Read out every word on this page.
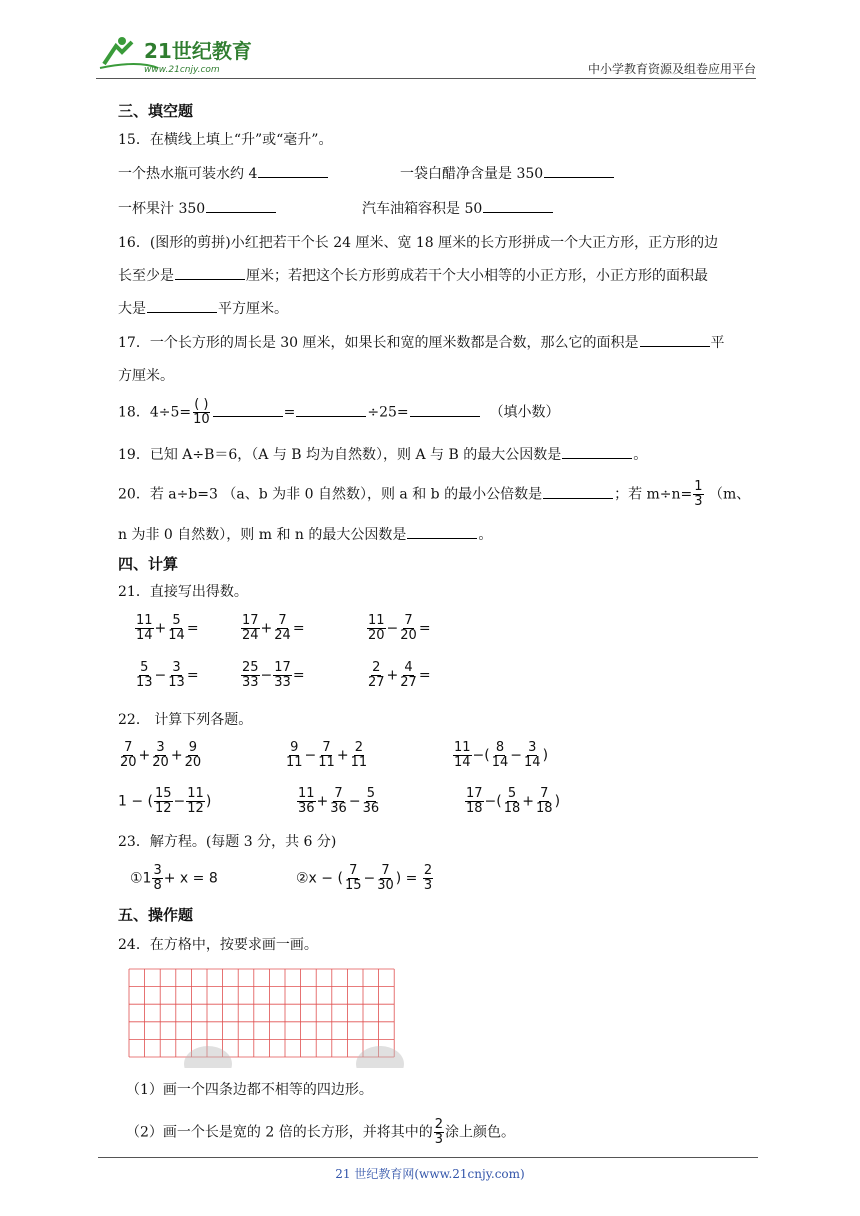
21世纪教育
www.21cnjy.com	中小学教育资源及组卷应用平台
三、填空题
15．在横线上填上“升”或“毫升”。
一个热水瓶可装水约 4	一袋白醋净含量是 350
一杯果汁 350	汽车油箱容积是 50
16．(图形的剪拼)小红把若干个长 24 厘米、宽 18 厘米的长方形拼成一个大正方形，正方形的边
长至少是	厘米；若把这个长方形剪成若干个大小相等的小正方形，小正方形的面积最
大是	平方厘米。
17．一个长方形的周长是 30 厘米，如果长和宽的厘米数都是合数，那么它的面积是	平
方厘米。
18．$4\div 5= \frac{( )}{10}$	=	÷25=	（填小数）
19．已知 A÷B＝6，（A 与 B 均为自然数），则 A 与 B 的最大公因数是	。
20．若 a÷b=3 （a、b 为非 0 自然数），则 a 和 b 的最小公倍数是	；若 $m\div n= \frac{1}{3} (m$、
n 为非 0 自然数），则 m 和 n 的最大公因数是	。
四、计算
21．直接写出得数。
$\frac{11}{14} + \frac{5}{14}$ =	$\frac{17}{24} + \frac{7}{24}$ =	$\frac{11}{20} - \frac{7}{20}$ =
$\frac{5}{13} - \frac{3}{13}$ =	$\frac{25}{33} - \frac{17}{33}$ =	$\frac{2}{27} + \frac{4}{27}$ =
22． 计算下列各题。
$\frac{7}{20} + \frac{3}{20} + \frac{9}{20}$	$\frac{9}{11} - \frac{7}{11} + \frac{2}{11}$	$\frac{11}{14}$ −( $\frac{8}{14} - \frac{3}{14}$ )
1 − ( $\frac{15}{12} - \frac{11}{12}$ )	$\frac{11}{36} + \frac{7}{36} - \frac{5}{36}$	$\frac{17}{18}$ −( $\frac{5}{18} + \frac{7}{18}$ )
23．解方程。(每题 3 分，共 6 分)
①1 $\frac{3}{8} + x = 8$	②x − ( $\frac{7}{15} - \frac{7}{30}$ ) = $\frac{2}{3}$
五、操作题
24．在方格中，按要求画一画。
（1）画一个四条边都不相等的四边形。
（2）画一个长是宽的 2 倍的长方形，并将其中的 $\frac{2}{3}$ 涂上颜色。
21 世纪教育网(www.21cnjy.com)
